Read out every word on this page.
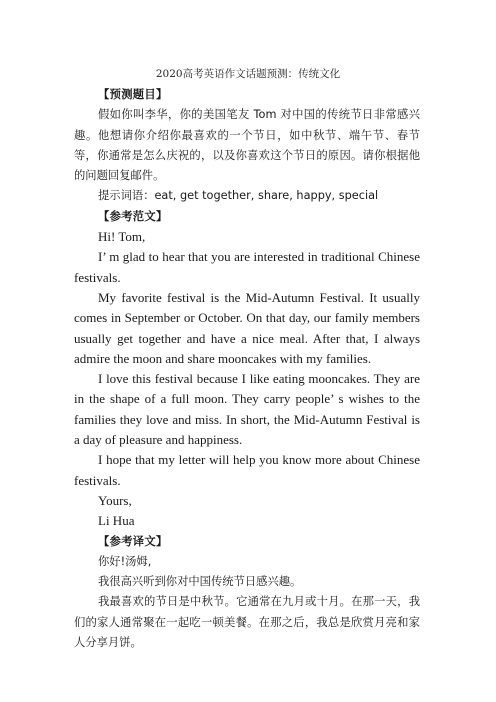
2020高考英语作文话题预测：传统文化

【预测题目】

假如你叫李华，你的美国笔友 Tom 对中国的传统节日非常感兴趣。他想请你介绍你最喜欢的一个节日，如中秋节、端午节、春节等，你通常是怎么庆祝的，以及你喜欢这个节日的原因。请你根据他的问题回复邮件。

提示词语：eat, get together, share, happy, special

【参考范文】

Hi! Tom,

I’ m glad to hear that you are interested in traditional Chinese festivals.

My favorite festival is the Mid-Autumn Festival. It usually comes in September or October. On that day, our family members usually get together and have a nice meal. After that, I always admire the moon and share mooncakes with my families.

I love this festival because I like eating mooncakes. They are in the shape of a full moon. They carry people’ s wishes to the families they love and miss. In short, the Mid-Autumn Festival is a day of pleasure and happiness.

I hope that my letter will help you know more about Chinese festivals.

Yours,

Li Hua

【参考译文】

你好!汤姆,

我很高兴听到你对中国传统节日感兴趣。

我最喜欢的节日是中秋节。它通常在九月或十月。在那一天，我们的家人通常聚在一起吃一顿美餐。在那之后，我总是欣赏月亮和家人分享月饼。
